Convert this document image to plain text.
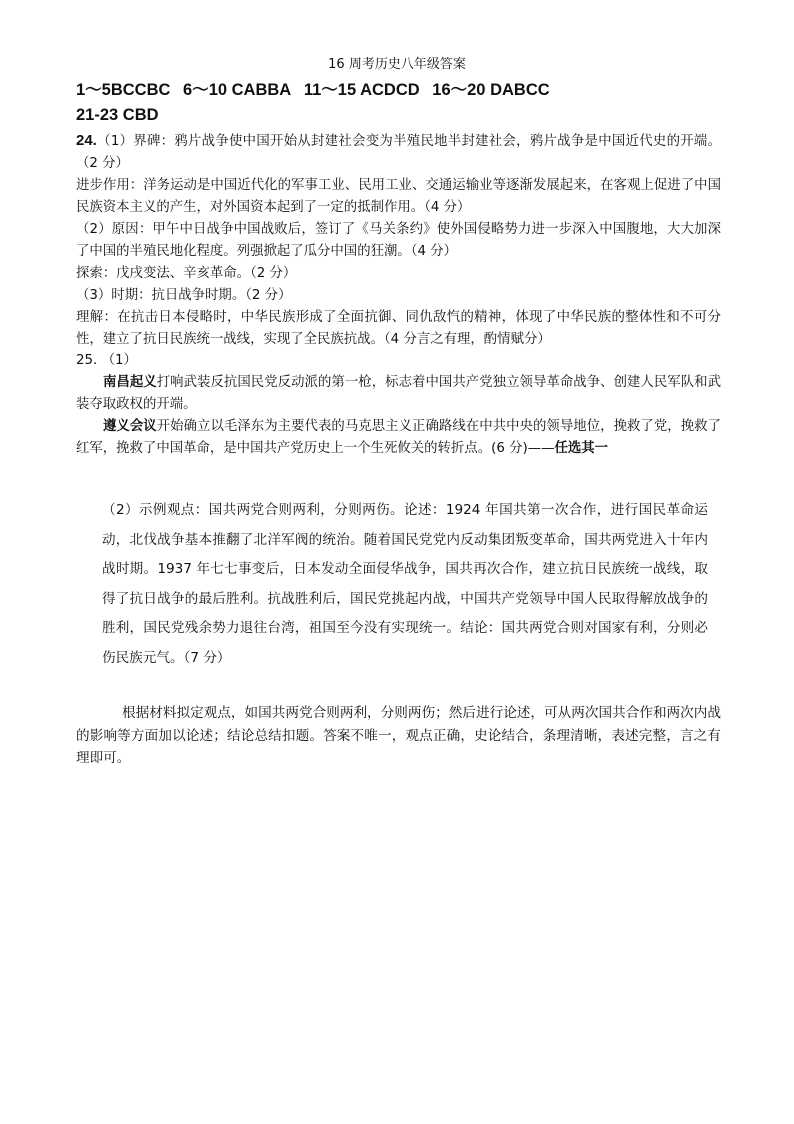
16 周考历史八年级答案
1～5BCCBC 6～10 CABBA 11～15 ACDCD 16～20 DABCC
21-23 CBD

24.（1）界碑：鸦片战争使中国开始从封建社会变为半殖民地半封建社会，鸦片战争是中国近代史的开端。（2 分）

进步作用：洋务运动是中国近代化的军事工业、民用工业、交通运输业等逐渐发展起来，在客观上促进了中国民族资本主义的产生，对外国资本起到了一定的抵制作用。（4 分）

（2）原因：甲午中日战争中国战败后，签订了《马关条约》使外国侵略势力进一步深入中国腹地，大大加深了中国的半殖民地化程度。列强掀起了瓜分中国的狂潮。（4 分）

探索：戊戌变法、辛亥革命。（2 分）

（3）时期：抗日战争时期。（2 分）

理解：在抗击日本侵略时，中华民族形成了全面抗御、同仇敌忾的精神，体现了中华民族的整体性和不可分性，建立了抗日民族统一战线，实现了全民族抗战。（4 分言之有理，酌情赋分）

25. （1）

南昌起义打响武装反抗国民党反动派的第一枪，标志着中国共产党独立领导革命战争、创建人民军队和武装夺取政权的开端。

遵义会议开始确立以毛泽东为主要代表的马克思主义正确路线在中共中央的领导地位，挽救了党，挽救了红军，挽救了中国革命，是中国共产党历史上一个生死攸关的转折点。(6 分)——任选其一

（2）示例观点：国共两党合则两利，分则两伤。论述：1924 年国共第一次合作，进行国民革命运动，北伐战争基本推翻了北洋军阀的统治。随着国民党党内反动集团叛变革命，国共两党进入十年内战时期。1937 年七七事变后，日本发动全面侵华战争，国共再次合作，建立抗日民族统一战线，取得了抗日战争的最后胜利。抗战胜利后，国民党挑起内战，中国共产党领导中国人民取得解放战争的胜利，国民党残余势力退往台湾，祖国至今没有实现统一。结论：国共两党合则对国家有利，分则必伤民族元气。（7 分）

根据材料拟定观点，如国共两党合则两利，分则两伤；然后进行论述，可从两次国共合作和两次内战的影响等方面加以论述；结论总结扣题。答案不唯一，观点正确，史论结合，条理清晰，表述完整，言之有理即可。
